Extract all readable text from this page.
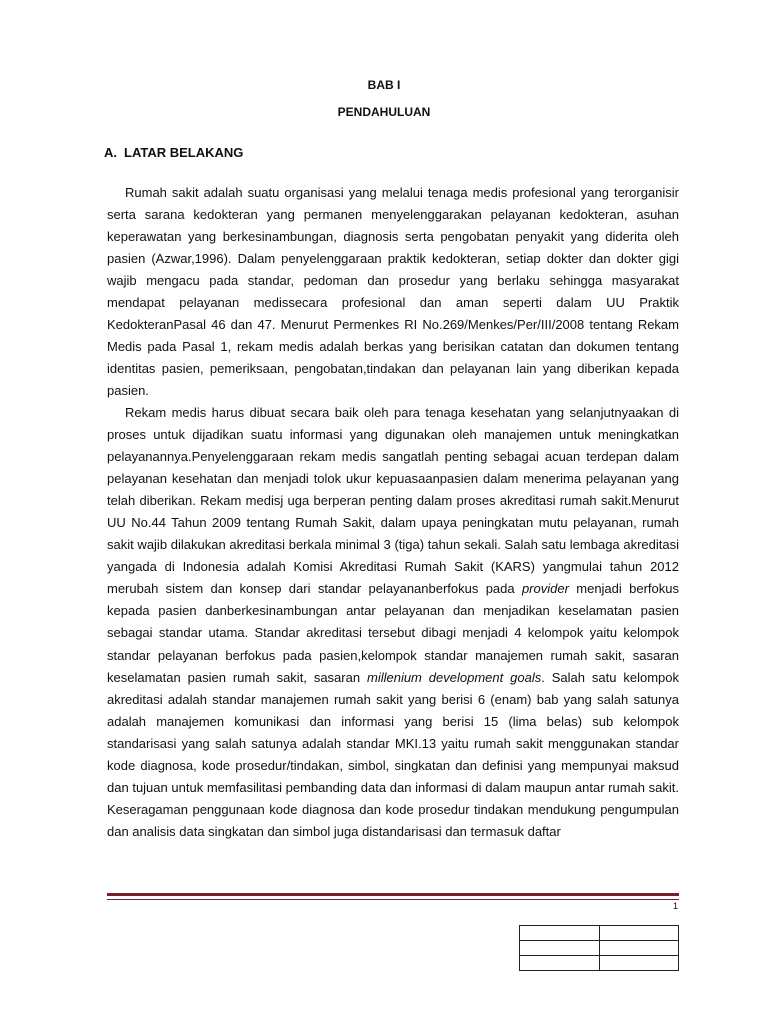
BAB I
PENDAHULUAN
A. LATAR BELAKANG

Rumah sakit adalah suatu organisasi yang melalui tenaga medis profesional yang terorganisir serta sarana kedokteran yang permanen menyelenggarakan pelayanan kedokteran, asuhan keperawatan yang berkesinambungan, diagnosis serta pengobatan penyakit yang diderita oleh pasien (Azwar,1996). Dalam penyelenggaraan praktik kedokteran, setiap dokter dan dokter gigi wajib mengacu pada standar, pedoman dan prosedur yang berlaku sehingga masyarakat mendapat pelayanan medissecara profesional dan aman seperti dalam UU Praktik KedokteranPasal 46 dan 47. Menurut Permenkes RI No.269/Menkes/Per/III/2008 tentang Rekam Medis pada Pasal 1, rekam medis adalah berkas yang berisikan catatan dan dokumen tentang identitas pasien, pemeriksaan, pengobatan,tindakan dan pelayanan lain yang diberikan kepada pasien.

Rekam medis harus dibuat secara baik oleh para tenaga kesehatan yang selanjutnyaakan di proses untuk dijadikan suatu informasi yang digunakan oleh manajemen untuk meningkatkan pelayanannya.Penyelenggaraan rekam medis sangatlah penting sebagai acuan terdepan dalam pelayanan kesehatan dan menjadi tolok ukur kepuasaanpasien dalam menerima pelayanan yang telah diberikan. Rekam medisj uga berperan penting dalam proses akreditasi rumah sakit.Menurut UU No.44 Tahun 2009 tentang Rumah Sakit, dalam upaya peningkatan mutu pelayanan, rumah sakit wajib dilakukan akreditasi berkala minimal 3 (tiga) tahun sekali. Salah satu lembaga akreditasi yangada di Indonesia adalah Komisi Akreditasi Rumah Sakit (KARS) yangmulai tahun 2012 merubah sistem dan konsep dari standar pelayananberfokus pada provider menjadi berfokus kepada pasien danberkesinambungan antar pelayanan dan menjadikan keselamatan pasien sebagai standar utama. Standar akreditasi tersebut dibagi menjadi 4 kelompok yaitu kelompok standar pelayanan berfokus pada pasien,kelompok standar manajemen rumah sakit, sasaran keselamatan pasien rumah sakit, sasaran millenium development goals. Salah satu kelompok akreditasi adalah standar manajemen rumah sakit yang berisi 6 (enam) bab yang salah satunya adalah manajemen komunikasi dan informasi yang berisi 15 (lima belas) sub kelompok standarisasi yang salah satunya adalah standar MKI.13 yaitu rumah sakit menggunakan standar kode diagnosa, kode prosedur/tindakan, simbol, singkatan dan definisi yang mempunyai maksud dan tujuan untuk memfasilitasi pembanding data dan informasi di dalam maupun antar rumah sakit. Keseragaman penggunaan kode diagnosa dan kode prosedur tindakan mendukung pengumpulan dan analisis data singkatan dan simbol juga distandarisasi dan termasuk daftar

1
